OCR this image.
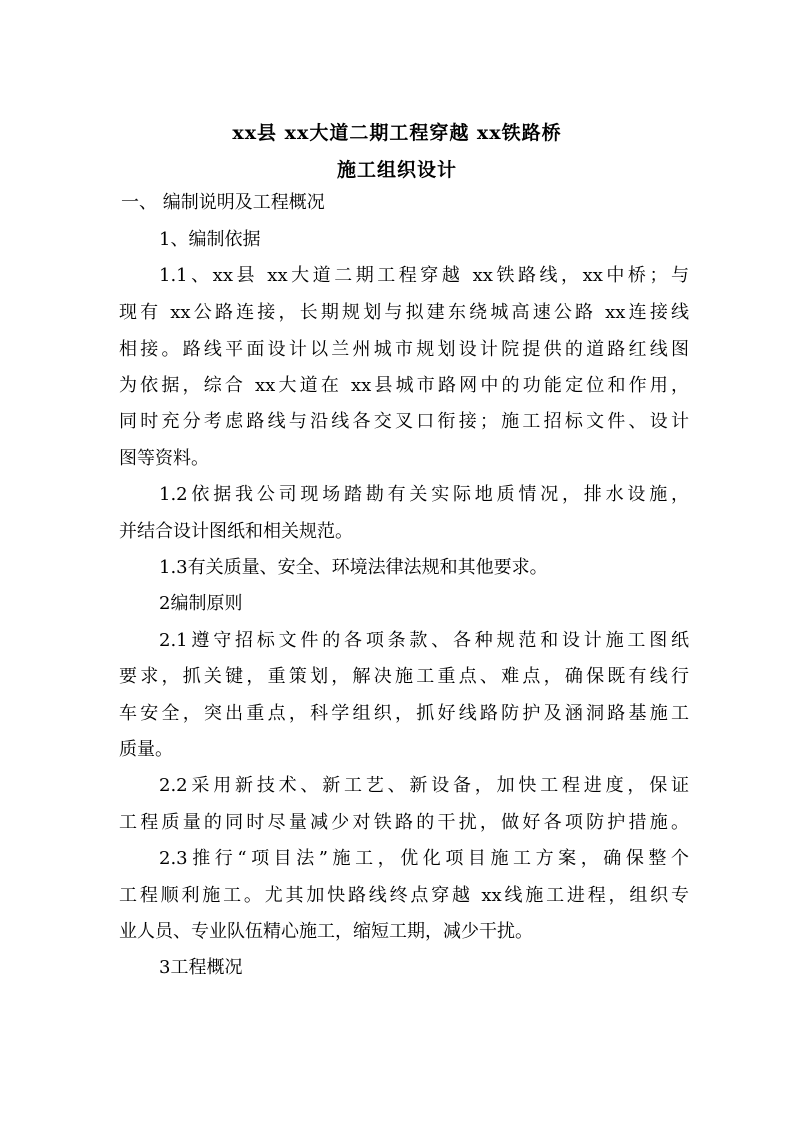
xx县 xx大道二期工程穿越 xx铁路桥
施工组织设计
一、 编制说明及工程概况
1、编制依据
1.1、xx县 xx大道二期工程穿越 xx铁路线，xx中桥；与
现有 xx公路连接，长期规划与拟建东绕城高速公路 xx连接线
相接。路线平面设计以兰州城市规划设计院提供的道路红线图
为依据，综合 xx大道在 xx县城市路网中的功能定位和作用，
同时充分考虑路线与沿线各交叉口衔接；施工招标文件、设计
图等资料。
1.2依据我公司现场踏勘有关实际地质情况，排水设施，
并结合设计图纸和相关规范。
1.3有关质量、安全、环境法律法规和其他要求。
2编制原则
2.1遵守招标文件的各项条款、各种规范和设计施工图纸
要求，抓关键，重策划，解决施工重点、难点，确保既有线行
车安全，突出重点，科学组织，抓好线路防护及涵洞路基施工
质量。
2.2采用新技术、新工艺、新设备，加快工程进度，保证
工程质量的同时尽量减少对铁路的干扰，做好各项防护措施。
2.3推行“项目法”施工，优化项目施工方案，确保整个
工程顺利施工。尤其加快路线终点穿越 xx线施工进程，组织专
业人员、专业队伍精心施工，缩短工期，减少干扰。
3工程概况
